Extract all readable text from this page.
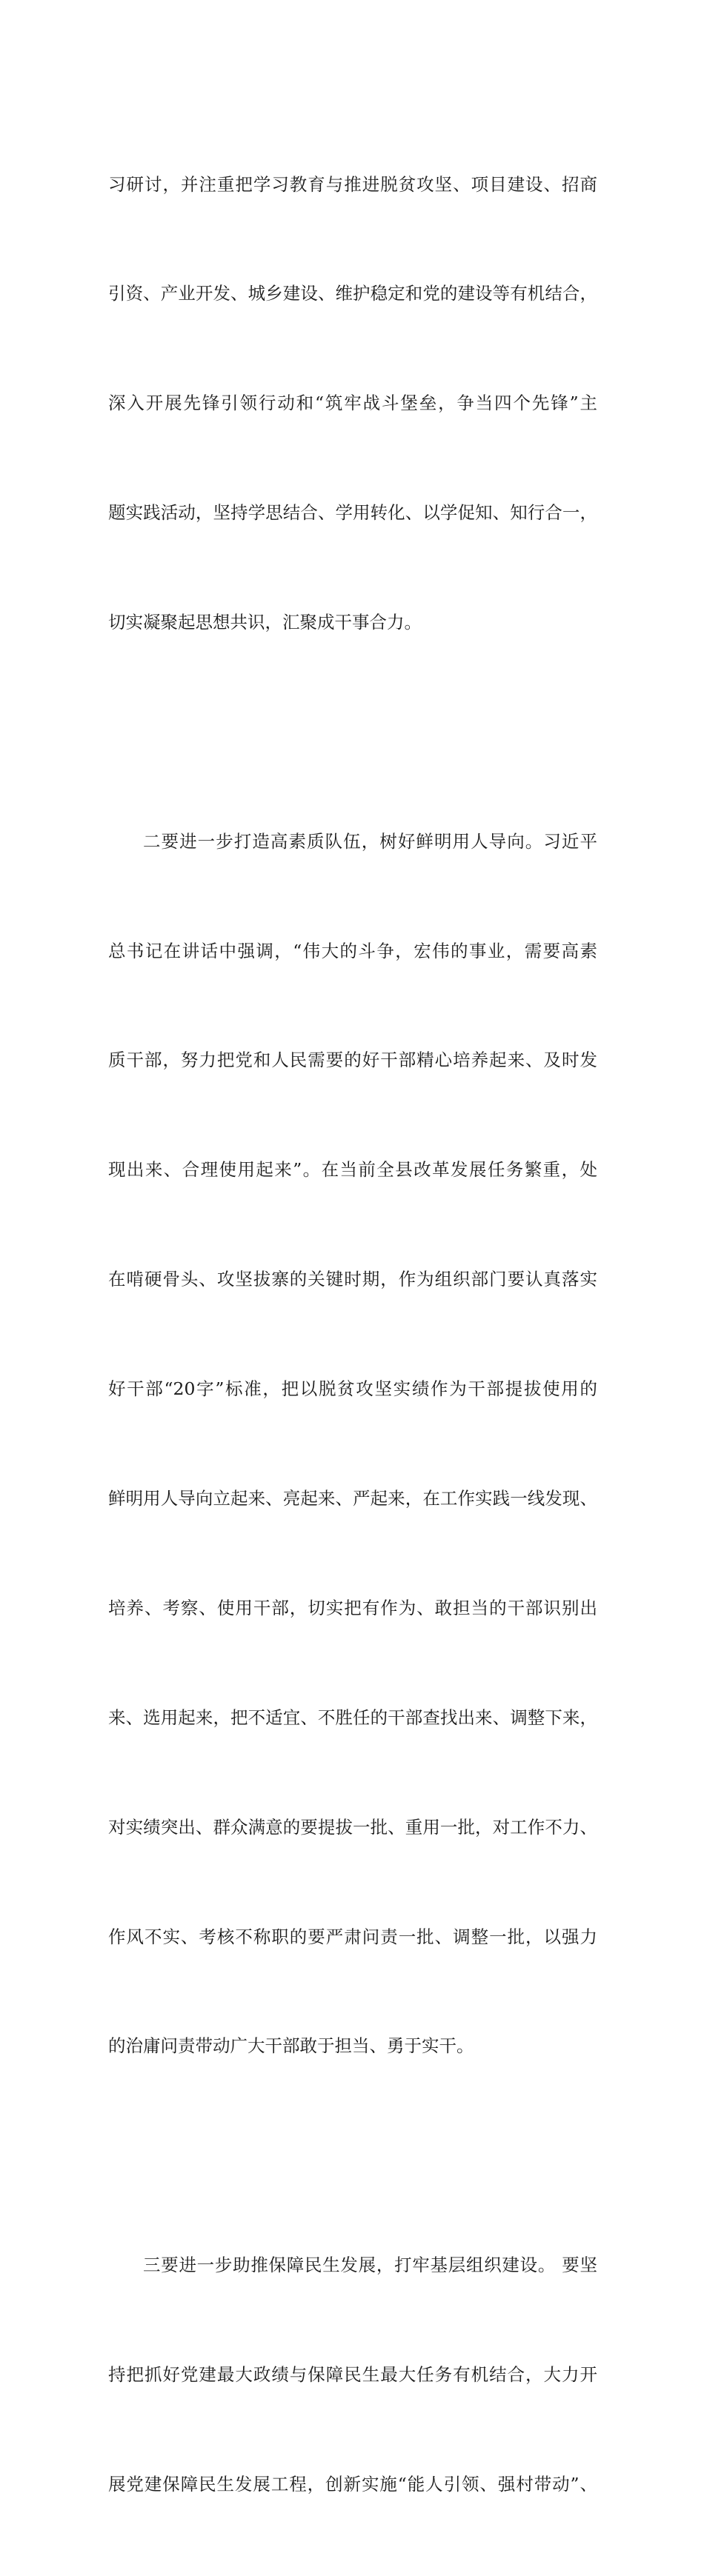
习研讨，并注重把学习教育与推进脱贫攻坚、项目建设、招商

引资、产业开发、城乡建设、维护稳定和党的建设等有机结合，

深入开展先锋引领行动和“筑牢战斗堡垒，争当四个先锋”主

题实践活动，坚持学思结合、学用转化、以学促知、知行合一，

切实凝聚起思想共识，汇聚成干事合力。

二要进一步打造高素质队伍，树好鲜明用人导向。习近平

总书记在讲话中强调，“伟大的斗争，宏伟的事业，需要高素

质干部，努力把党和人民需要的好干部精心培养起来、及时发

现出来、合理使用起来”。在当前全县改革发展任务繁重，处

在啃硬骨头、攻坚拔寨的关键时期，作为组织部门要认真落实

好干部“20字”标准，把以脱贫攻坚实绩作为干部提拔使用的

鲜明用人导向立起来、亮起来、严起来，在工作实践一线发现、

培养、考察、使用干部，切实把有作为、敢担当的干部识别出

来、选用起来，把不适宜、不胜任的干部查找出来、调整下来，

对实绩突出、群众满意的要提拔一批、重用一批，对工作不力、

作风不实、考核不称职的要严肃问责一批、调整一批，以强力

的治庸问责带动广大干部敢于担当、勇于实干。

三要进一步助推保障民生发展，打牢基层组织建设。 要坚

持把抓好党建最大政绩与保障民生最大任务有机结合，大力开

展党建保障民生发展工程，创新实施“能人引领、强村带动”、
